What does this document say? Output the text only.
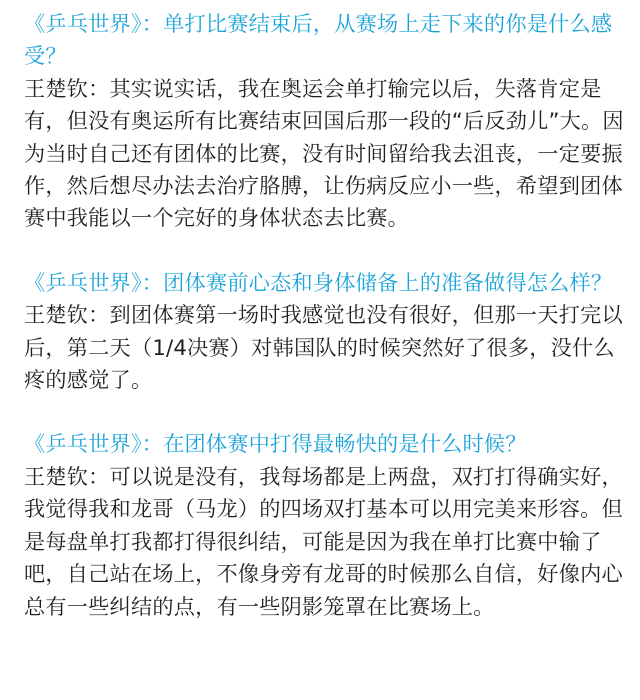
《乒乓世界》：单打比赛结束后，从赛场上走下来的你是什么感
受？

王楚钦：其实说实话，我在奥运会单打输完以后，失落肯定是
有，但没有奥运所有比赛结束回国后那一段的“后反劲儿”大。因
为当时自己还有团体的比赛，没有时间留给我去沮丧，一定要振
作，然后想尽办法去治疗胳膊，让伤病反应小一些，希望到团体
赛中我能以一个完好的身体状态去比赛。

《乒乓世界》：团体赛前心态和身体储备上的准备做得怎么样？

王楚钦：到团体赛第一场时我感觉也没有很好，但那一天打完以
后，第二天（1/4决赛）对韩国队的时候突然好了很多，没什么
疼的感觉了。

《乒乓世界》：在团体赛中打得最畅快的是什么时候？

王楚钦：可以说是没有，我每场都是上两盘，双打打得确实好，
我觉得我和龙哥（马龙）的四场双打基本可以用完美来形容。但
是每盘单打我都打得很纠结，可能是因为我在单打比赛中输了
吧，自己站在场上，不像身旁有龙哥的时候那么自信，好像内心
总有一些纠结的点，有一些阴影笼罩在比赛场上。
